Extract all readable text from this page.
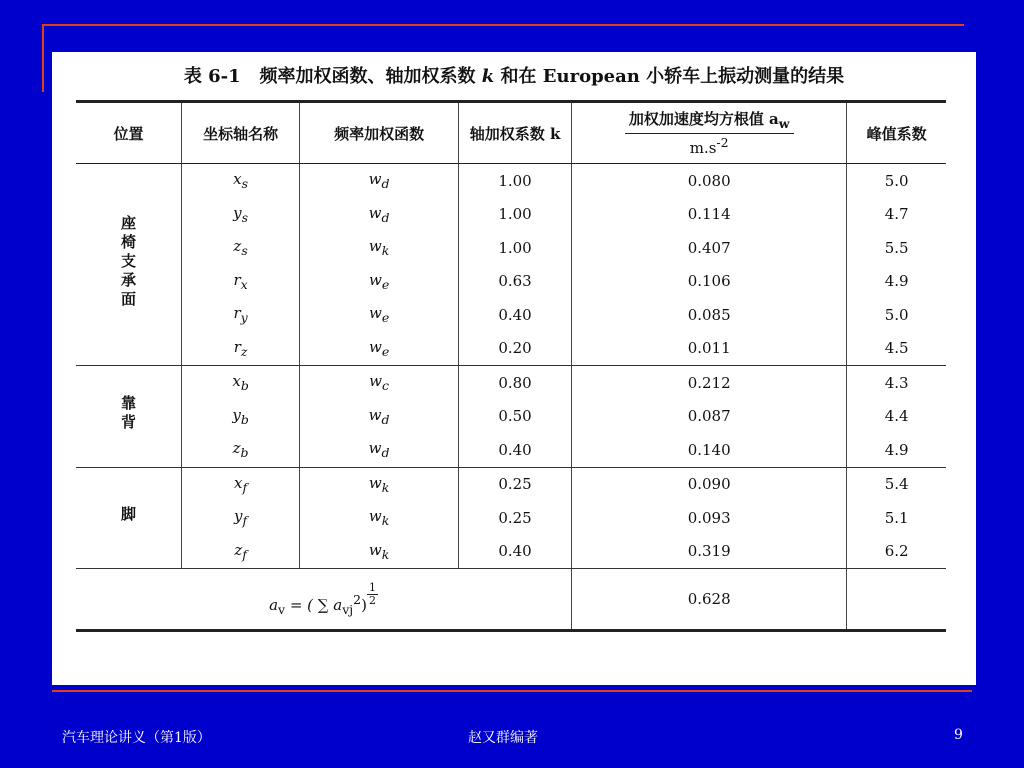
表 6-1 频率加权函数、轴加权系数 k 和在 European 小轿车上振动测量的结果
位置	坐标轴名称	频率加权函数	轴加权系数 k	$\frac{加权加速度均方根值 a_w}{m.s^{-2}}$	峰值系数
座椅支承面	$x_s$	$w_d$	1.00	0.080	5.0
	$y_s$	$w_d$	1.00	0.114	4.7
	$z_s$	$w_k$	1.00	0.407	5.5
	$r_x$	$w_e$	0.63	0.106	4.9
	$r_y$	$w_e$	0.40	0.085	5.0
	$r_z$	$w_e$	0.20	0.011	4.5
靠背	$x_b$	$w_c$	0.80	0.212	4.3
	$y_b$	$w_d$	0.50	0.087	4.4
	$z_b$	$w_d$	0.40	0.140	4.9
脚	$x_f$	$w_k$	0.25	0.090	5.4
	$y_f$	$w_k$	0.25	0.093	5.1
	$z_f$	$w_k$	0.40	0.319	6.2
$a_v$ = ( ∑ $a_{vj}^2) \frac{1}{2}$				0.628	
汽车理论讲义（第1版）	赵又群编著	9
